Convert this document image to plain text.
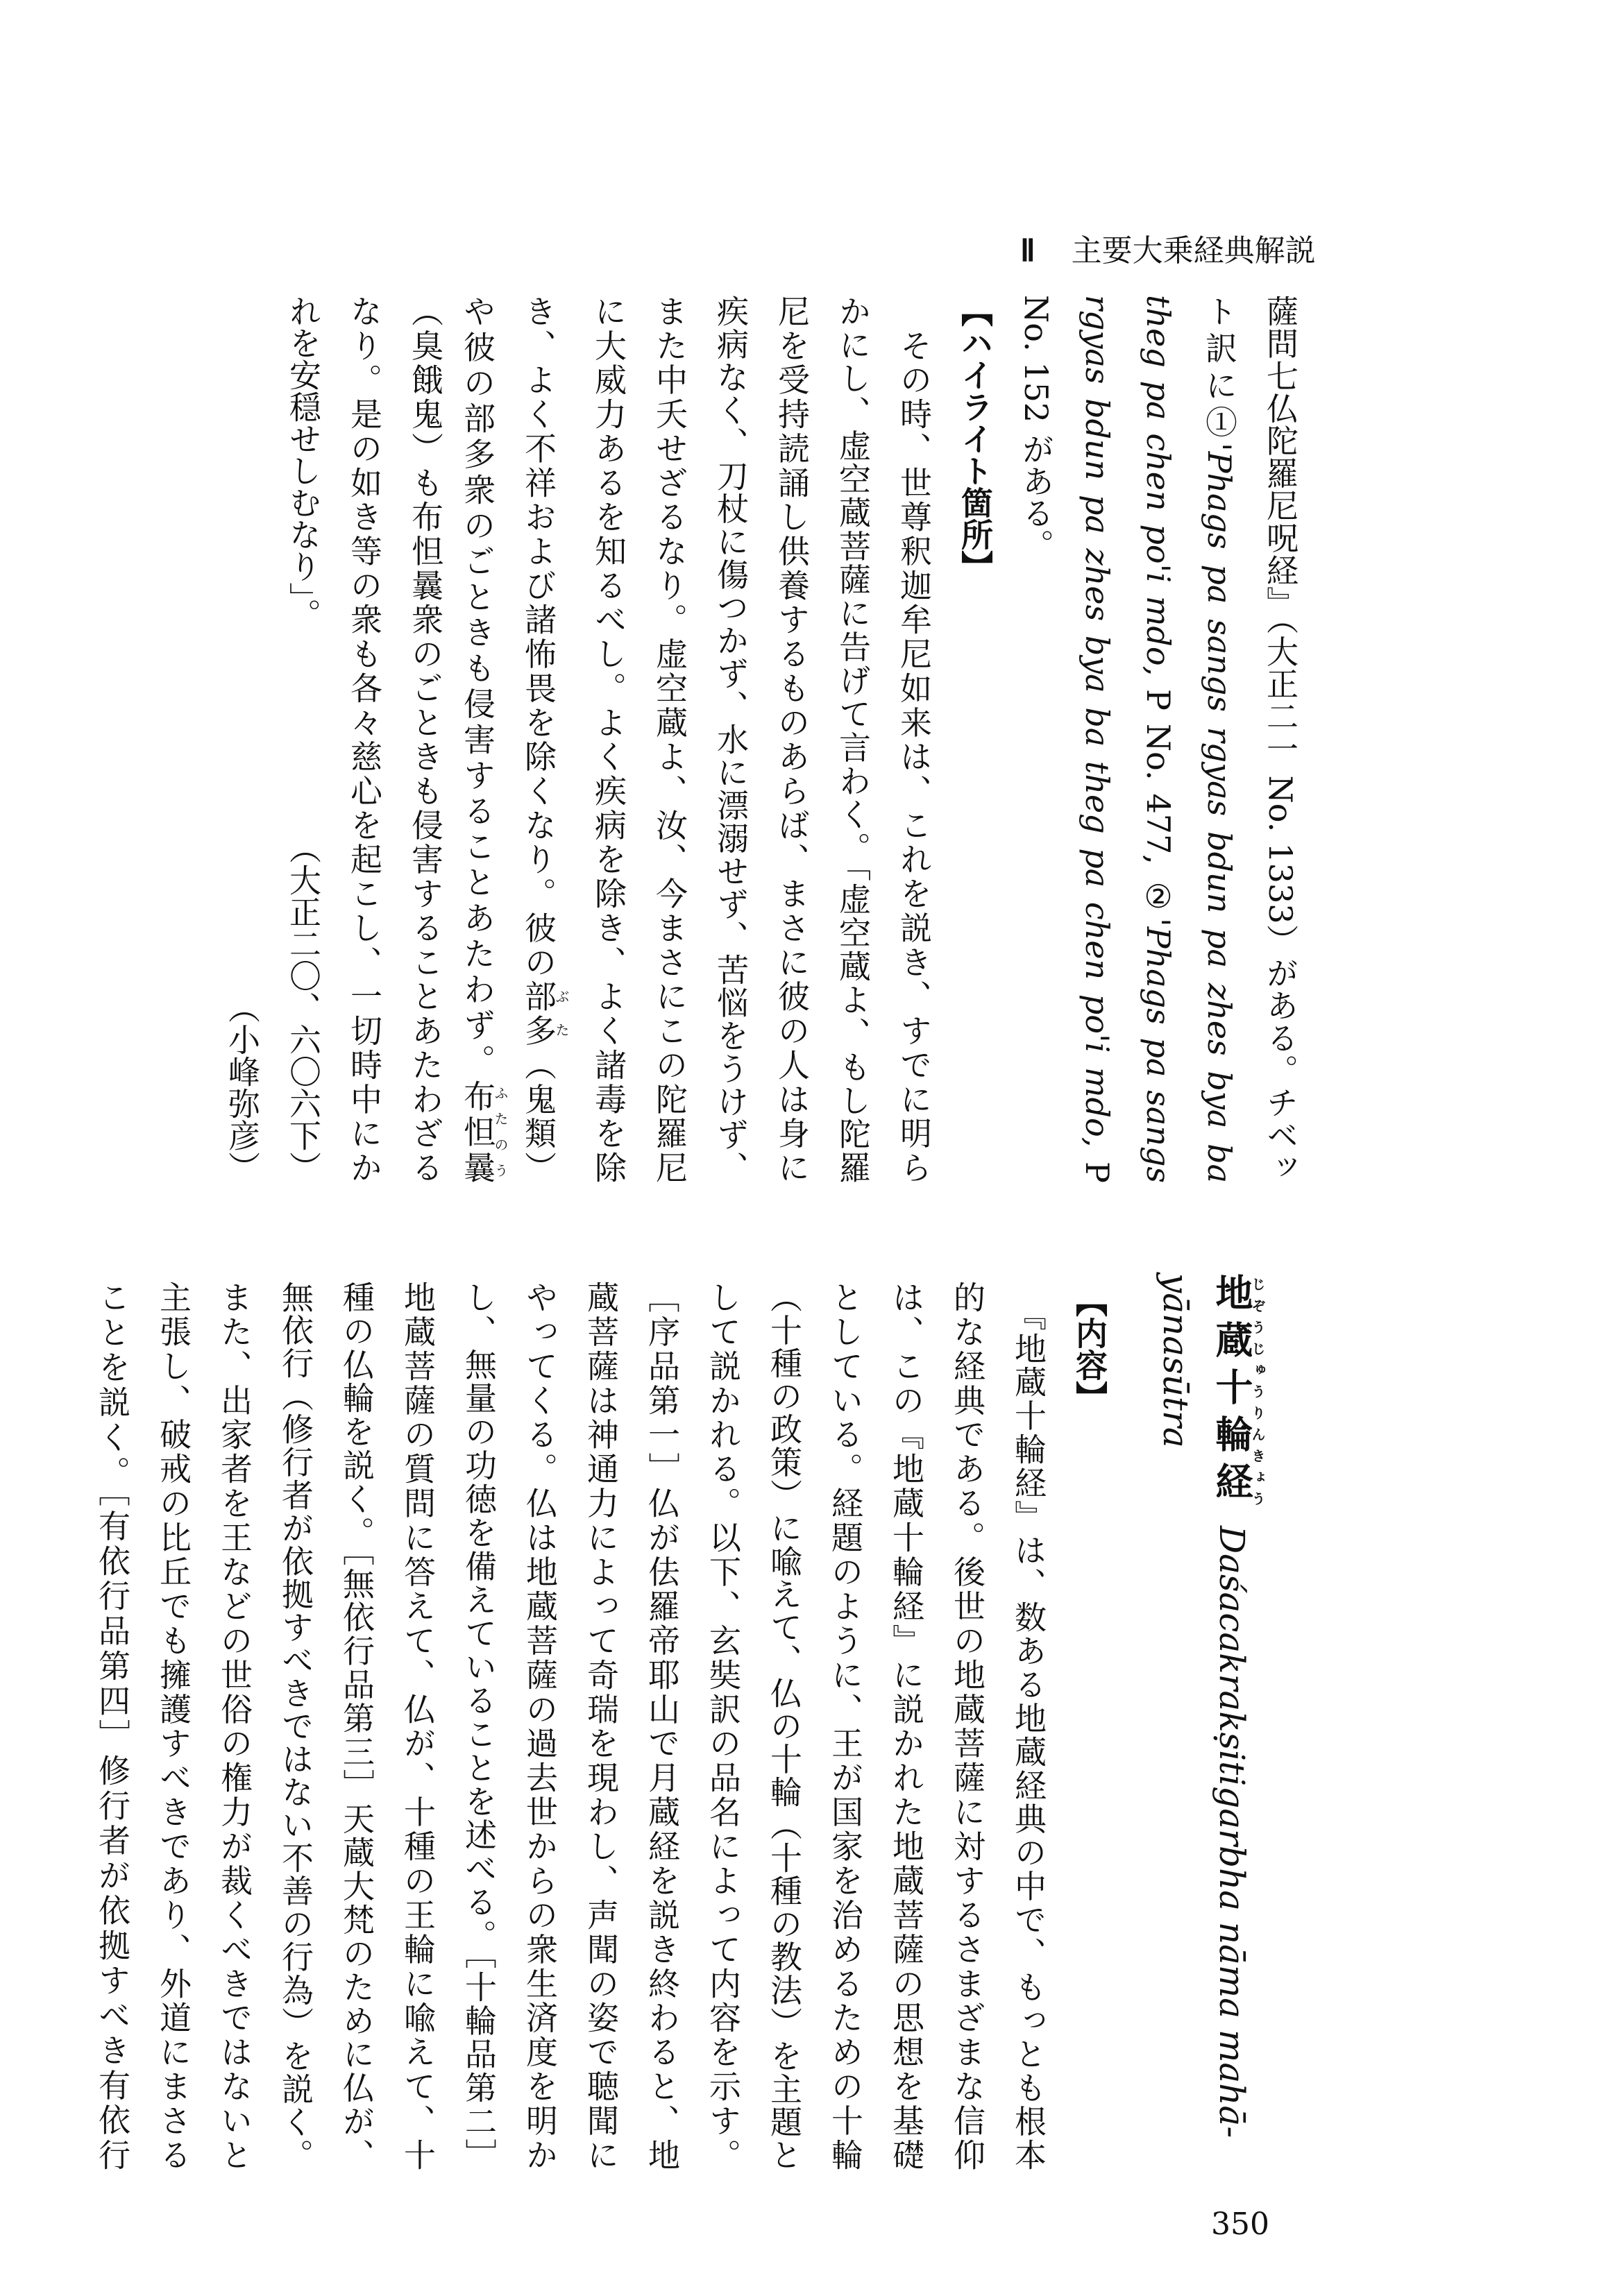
Ⅱ 主要大乗経典解説
薩問七仏陀羅尼呪経』（大正二一 No. 1333）がある。チベッ
ト訳に①'Phags pa sangs rgyas bdun pa zhes bya ba
theg pa chen po'i mdo, P No. 477, ②'Phags pa sangs
rgyas bdun pa zhes bya ba theg pa chen po'i mdo, P
No. 152 がある。
【ハイライト箇所】
　その時、世尊釈迦牟尼如来は、これを説き、すでに明ら
かにし、虚空蔵菩薩に告げて言わく。「虚空蔵よ、もし陀羅
尼を受持読誦し供養するものあらば、まさに彼の人は身に
疾病なく、刀杖に傷つかず、水に漂溺せず、苦悩をうけず、
また中夭せざるなり。虚空蔵よ、汝、今まさにこの陀羅尼
に大威力あるを知るべし。よく疾病を除き、よく諸毒を除
き、よく不祥および諸怖畏を除くなり。彼の部多ぶた（鬼類）
や彼の部多衆のごときも侵害することあたわず。布怛曩ふたのう
（臭餓鬼）も布怛曩衆のごときも侵害することあたわざる
なり。是の如き等の衆も各々慈心を起こし、一切時中にか
れを安穏せしむなり」。
（大正二〇、六〇六下）
（小峰弥彦）
地蔵十輪経じぞうじゅうりんきょうDaśacakrakṣitigarbha nāma mahā-
yānasūtra
【内容】
　『地蔵十輪経』は、数ある地蔵経典の中で、もっとも根本
的な経典である。後世の地蔵菩薩に対するさまざまな信仰
は、この『地蔵十輪経』に説かれた地蔵菩薩の思想を基礎
としている。経題のように、王が国家を治めるための十輪
（十種の政策）に喩えて、仏の十輪（十種の教法）を主題と
して説かれる。以下、玄奘訳の品名によって内容を示す。
［序品第一］仏が佉羅帝耶山で月蔵経を説き終わると、地
蔵菩薩は神通力によって奇瑞を現わし、声聞の姿で聴聞に
やってくる。仏は地蔵菩薩の過去世からの衆生済度を明か
し、無量の功徳を備えていることを述べる。［十輪品第二］
地蔵菩薩の質問に答えて、仏が、十種の王輪に喩えて、十
種の仏輪を説く。［無依行品第三］天蔵大梵のために仏が、
無依行（修行者が依拠すべきではない不善の行為）を説く。
また、出家者を王などの世俗の権力が裁くべきではないと
主張し、破戒の比丘でも擁護すべきであり、外道にまさる
ことを説く。［有依行品第四］修行者が依拠すべき有依行
350
